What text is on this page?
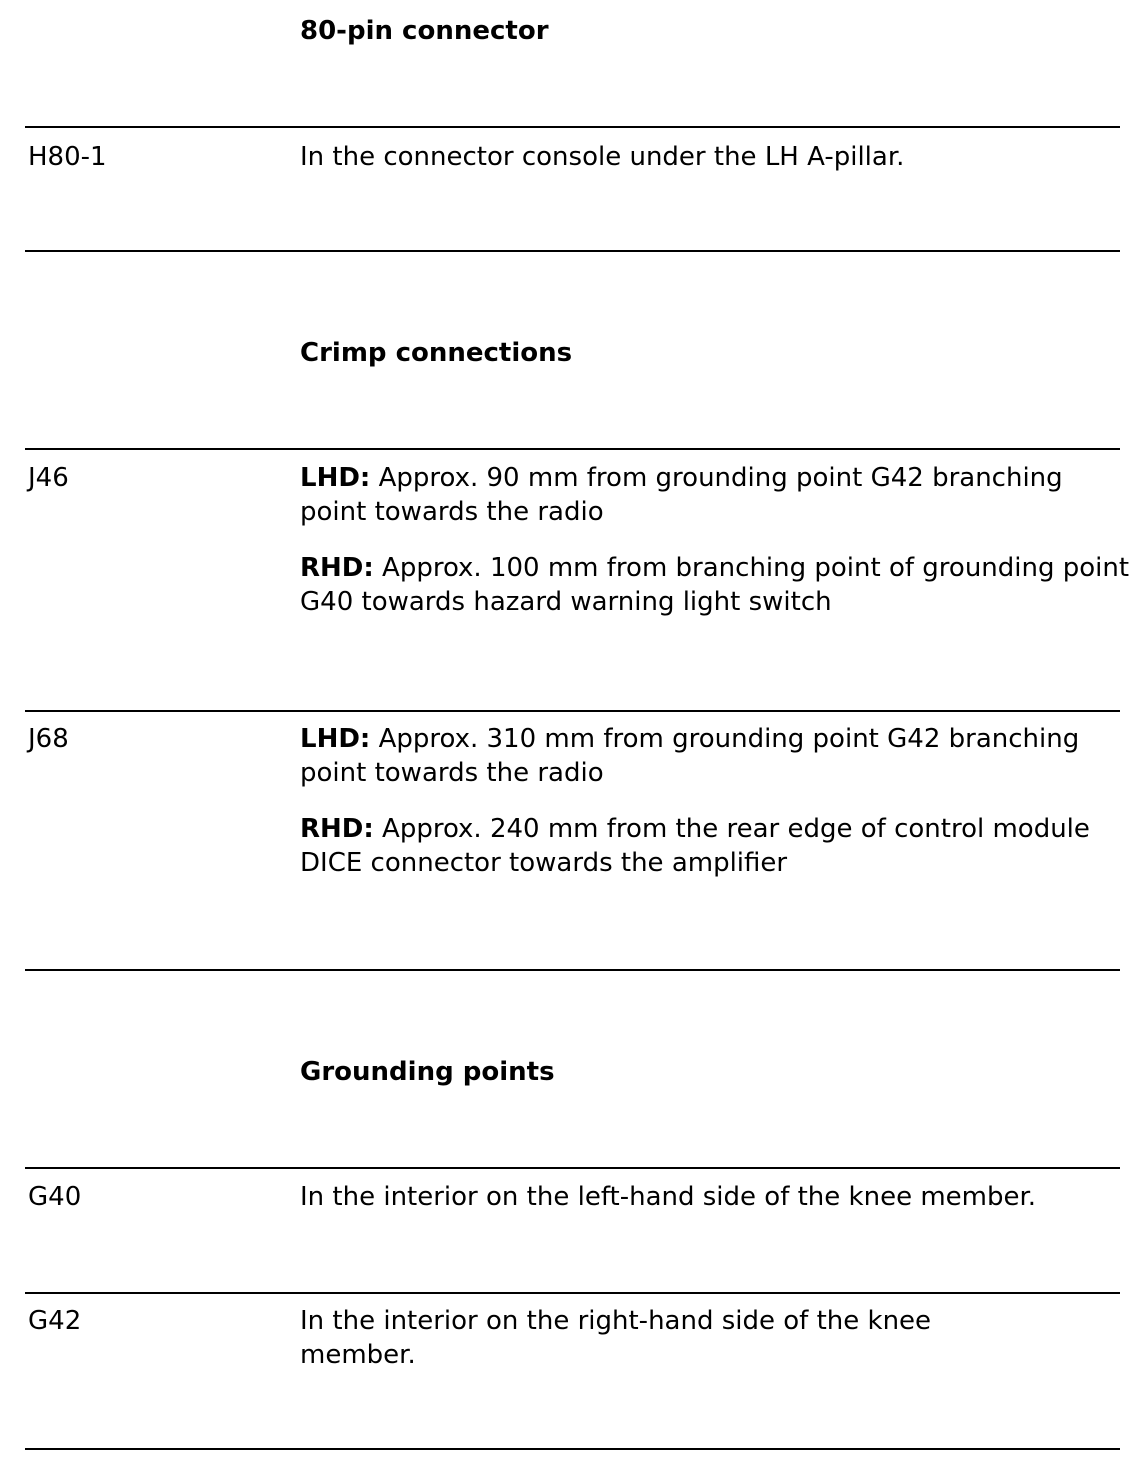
80-pin connector
H80-1	In the connector console under the LH A-pillar.
Crimp connections
J46	LHD: Approx. 90 mm from grounding point G42 branching point towards the radio

RHD: Approx. 100 mm from branching point of grounding point G40 towards hazard warning light switch

J68	LHD: Approx. 310 mm from grounding point G42 branching point towards the radio

RHD: Approx. 240 mm from the rear edge of control module DICE connector towards the amplifier

Grounding points
G40	In the interior on the left-hand side of the knee member.
G42	In the interior on the right-hand side of the knee member.
